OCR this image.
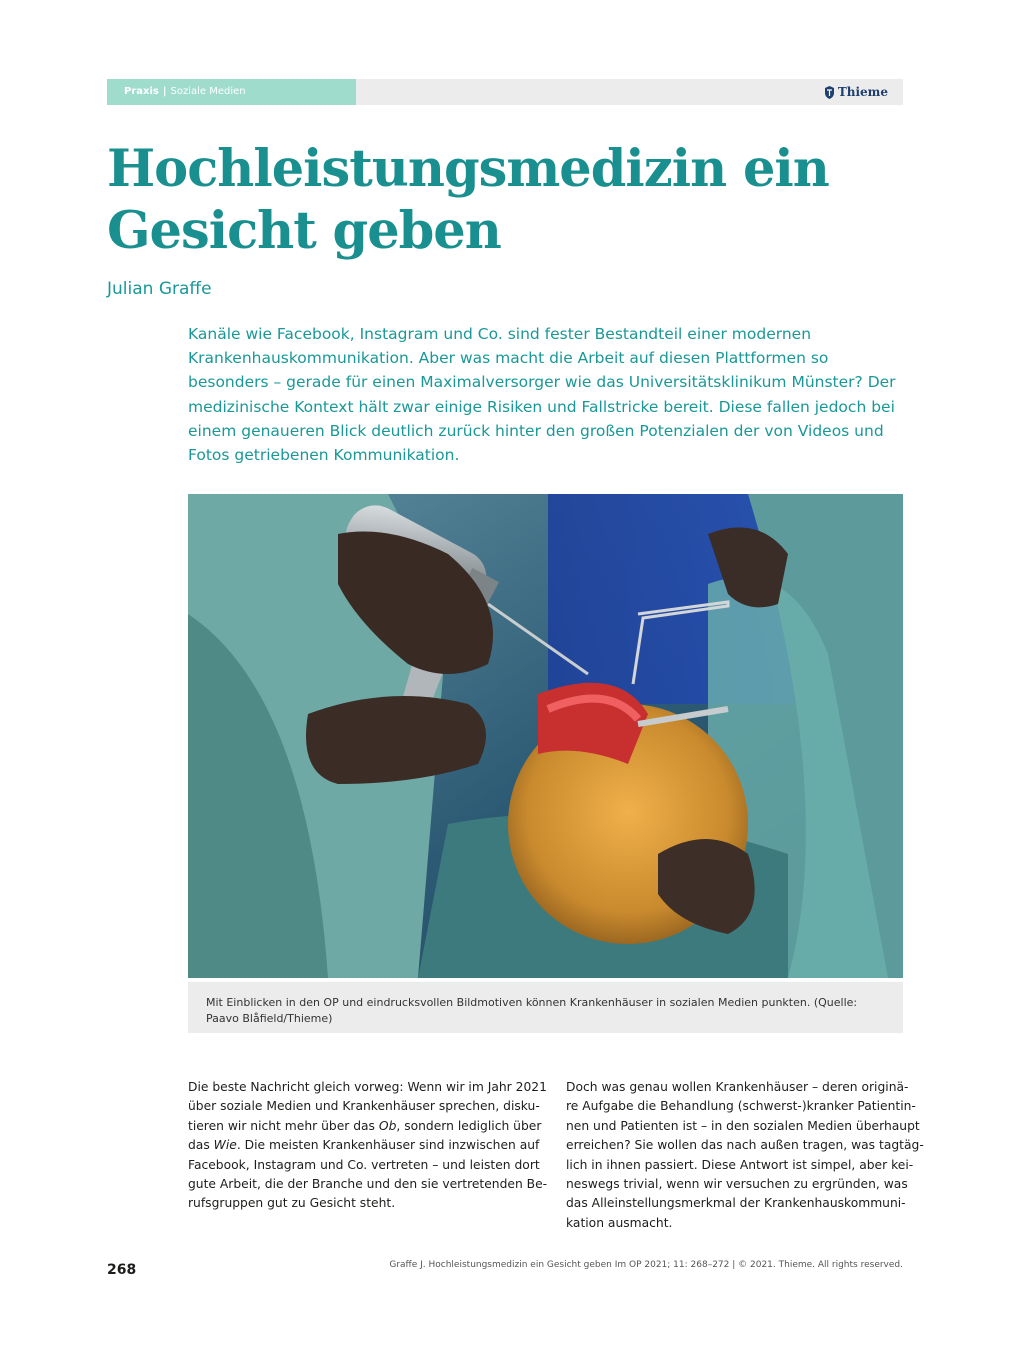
Praxis | Soziale Medien	Thieme
Hochleistungsmedizin ein Gesicht geben
Julian Graffe

Kanäle wie Facebook, Instagram und Co. sind fester Bestandteil einer modernen Krankenhauskommunikation. Aber was macht die Arbeit auf diesen Plattformen so besonders – gerade für einen Maximalversorger wie das Universitätsklinikum Münster? Der medizinische Kontext hält zwar einige Risiken und Fallstricke bereit. Diese fallen jedoch bei einem genaueren Blick deutlich zurück hinter den großen Potenzialen der von Videos und Fotos getriebenen Kommunikation.

Mit Einblicken in den OP und eindrucksvollen Bildmotiven können Krankenhäuser in sozialen Medien punkten. (Quelle: Paavo Blåfield/Thieme)
Die beste Nachricht gleich vorweg: Wenn wir im Jahr 2021
über soziale Medien und Krankenhäuser sprechen, disku-
tieren wir nicht mehr über das Ob, sondern lediglich über
das Wie. Die meisten Krankenhäuser sind inzwischen auf
Facebook, Instagram und Co. vertreten – und leisten dort
gute Arbeit, die der Branche und den sie vertretenden Be-
rufsgruppen gut zu Gesicht steht.
Doch was genau wollen Krankenhäuser – deren originä-
re Aufgabe die Behandlung (schwerst-)kranker Patientin-
nen und Patienten ist – in den sozialen Medien überhaupt
erreichen? Sie wollen das nach außen tragen, was tagtäg-
lich in ihnen passiert. Diese Antwort ist simpel, aber kei-
neswegs trivial, wenn wir versuchen zu ergründen, was
das Alleinstellungsmerkmal der Krankenhauskommuni-
kation ausmacht.
268	Graffe J. Hochleistungsmedizin ein Gesicht geben Im OP 2021; 11: 268–272 | © 2021. Thieme. All rights reserved.
